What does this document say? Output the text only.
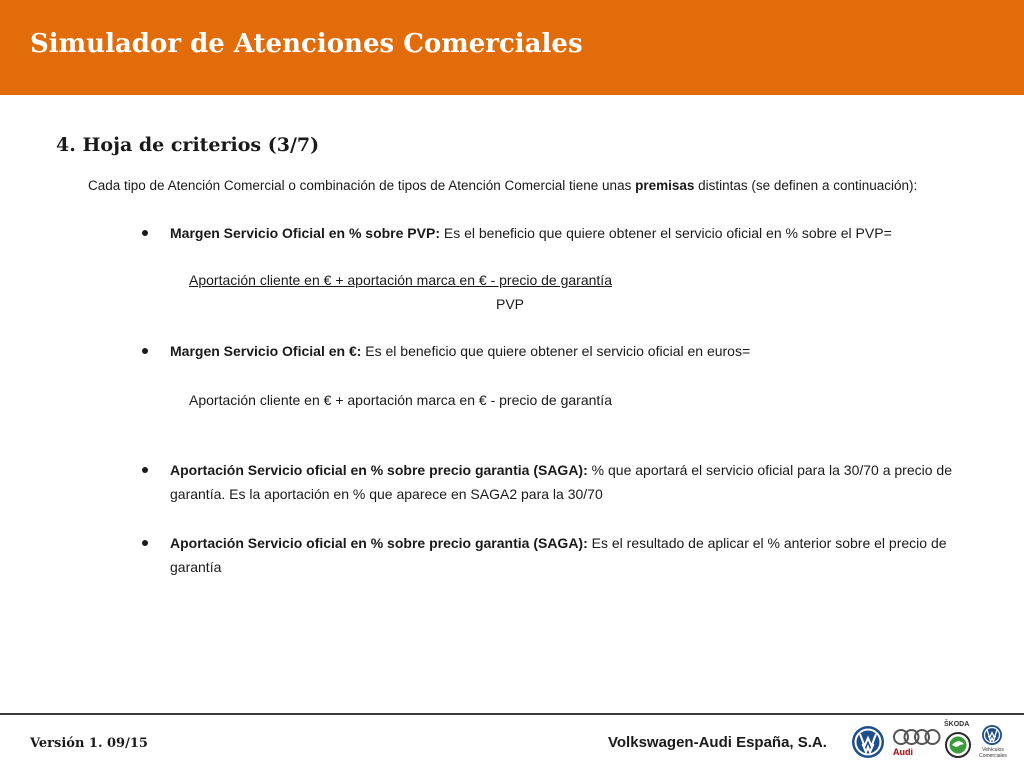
Simulador de Atenciones Comerciales
4. Hoja de criterios (3/7)
Cada tipo de Atención Comercial o combinación de tipos de Atención Comercial tiene unas premisas distintas (se definen a continuación):
Margen Servicio Oficial en % sobre PVP: Es el beneficio que quiere obtener el servicio oficial en % sobre el PVP=
Aportación cliente en € + aportación marca en € - precio de garantía
PVP
Margen Servicio Oficial en €: Es el beneficio que quiere obtener el servicio oficial en euros=
Aportación cliente en € + aportación marca en € - precio de garantía
Aportación Servicio oficial en % sobre precio garantia (SAGA): % que aportará el servicio oficial para la 30/70 a precio de garantía. Es la aportación en % que aparece en SAGA2 para la 30/70
Aportación Servicio oficial en % sobre precio garantia (SAGA): Es el resultado de aplicar el % anterior sobre el precio de garantía
Versión 1. 09/15	Volkswagen-Audi España, S.A.
Audi
ŠKODA
Vehículos
Comerciales
